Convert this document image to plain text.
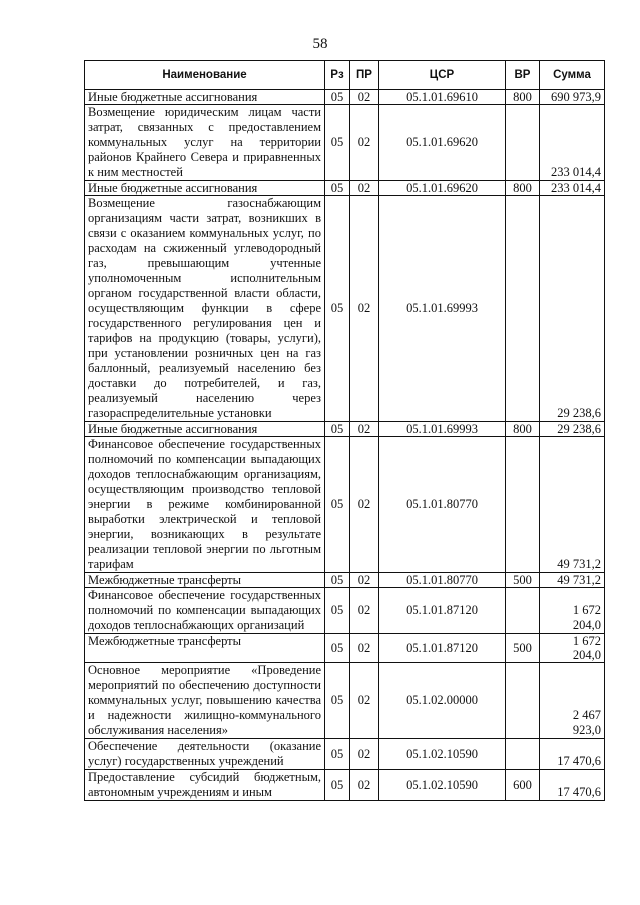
58
Наименование	Рз	ПР	ЦСР	ВР	Сумма
Иные бюджетные ассигнования	05	02	05.1.01.69610	800	690 973,9
Возмещение юридическим лицам части затрат, связанных с предоставлением коммунальных услуг на территории районов Крайнего Севера и приравненных к ним местностей	05	02	05.1.01.69620		233 014,4
Иные бюджетные ассигнования	05	02	05.1.01.69620	800	233 014,4
Возмещение газоснабжающим организациям части затрат, возникших в связи с оказанием коммунальных услуг, по расходам на сжиженный углеводородный газ, превышающим учтенные уполномоченным исполнительным органом государственной власти области, осуществляющим функции в сфере государственного регулирования цен и тарифов на продукцию (товары, услуги), при установлении розничных цен на газ баллонный, реализуемый населению без доставки до потребителей, и газ, реализуемый населению через газораспределительные установки	05	02	05.1.01.69993		29 238,6
Иные бюджетные ассигнования	05	02	05.1.01.69993	800	29 238,6
Финансовое обеспечение государственных полномочий по компенсации выпадающих доходов теплоснабжающим организациям, осуществляющим производство тепловой энергии в режиме комбинированной выработки электрической и тепловой энергии, возникающих в результате реализации тепловой энергии по льготным тарифам	05	02	05.1.01.80770		49 731,2
Межбюджетные трансферты	05	02	05.1.01.80770	500	49 731,2
Финансовое обеспечение государственных полномочий по компенсации выпадающих доходов теплоснабжающих организаций	05	02	05.1.01.87120		1 672 204,0
Межбюджетные трансферты	05	02	05.1.01.87120	500	1 672 204,0
Основное мероприятие «Проведение мероприятий по обеспечению доступности коммунальных услуг, повышению качества и надежности жилищно-коммунального обслуживания населения»	05	02	05.1.02.00000		2 467 923,0
Обеспечение деятельности (оказание услуг) государственных учреждений	05	02	05.1.02.10590		17 470,6
Предоставление субсидий бюджетным, автономным учреждениям и иным	05	02	05.1.02.10590	600	17 470,6
